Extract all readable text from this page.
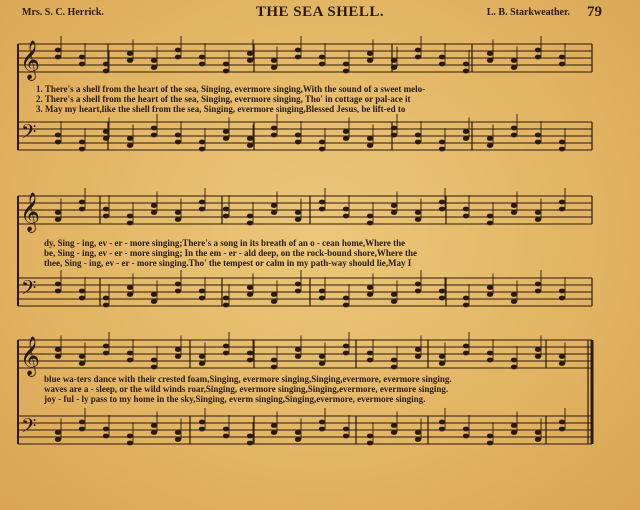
THE SEA SHELL.
Mrs. S. C. Herrick.	L. B. Starkweather. 79
𝄞
𝄢
𝄞
𝄢
𝄞
𝄢
1. There's a shell from the heart of the sea, Singing, evermore singing,With the sound of a sweet melo-
2. There's a shell from the heart of the sea, Singing, evermore singing, Tho' in cottage or pal-ace it
3. May my heart,like the shell from the sea, Singing, evermore singing,Blessed Jesus, be lift-ed to
dy, Sing - ing, ev - er - more singing;There's a song in its breath of an o - cean home,Where the
be, Sing - ing, ev - er - more singing; In the em - er - ald deep, on the rock-bound shore,Where the
thee, Sing - ing, ev - er - more singing.Tho' the tempest or calm in my path-way should lie,May I
blue wa-ters dance with their crested foam,Singing, evermore singing,Singing,evermore, evermore singing.
waves are a - sleep, or the wild winds roar,Singing, evermore singing,Singing,evermore, evermore singing.
joy - ful - ly pass to my home in the sky,Singing, everm singing,Singing,evermore, evermore singing.
